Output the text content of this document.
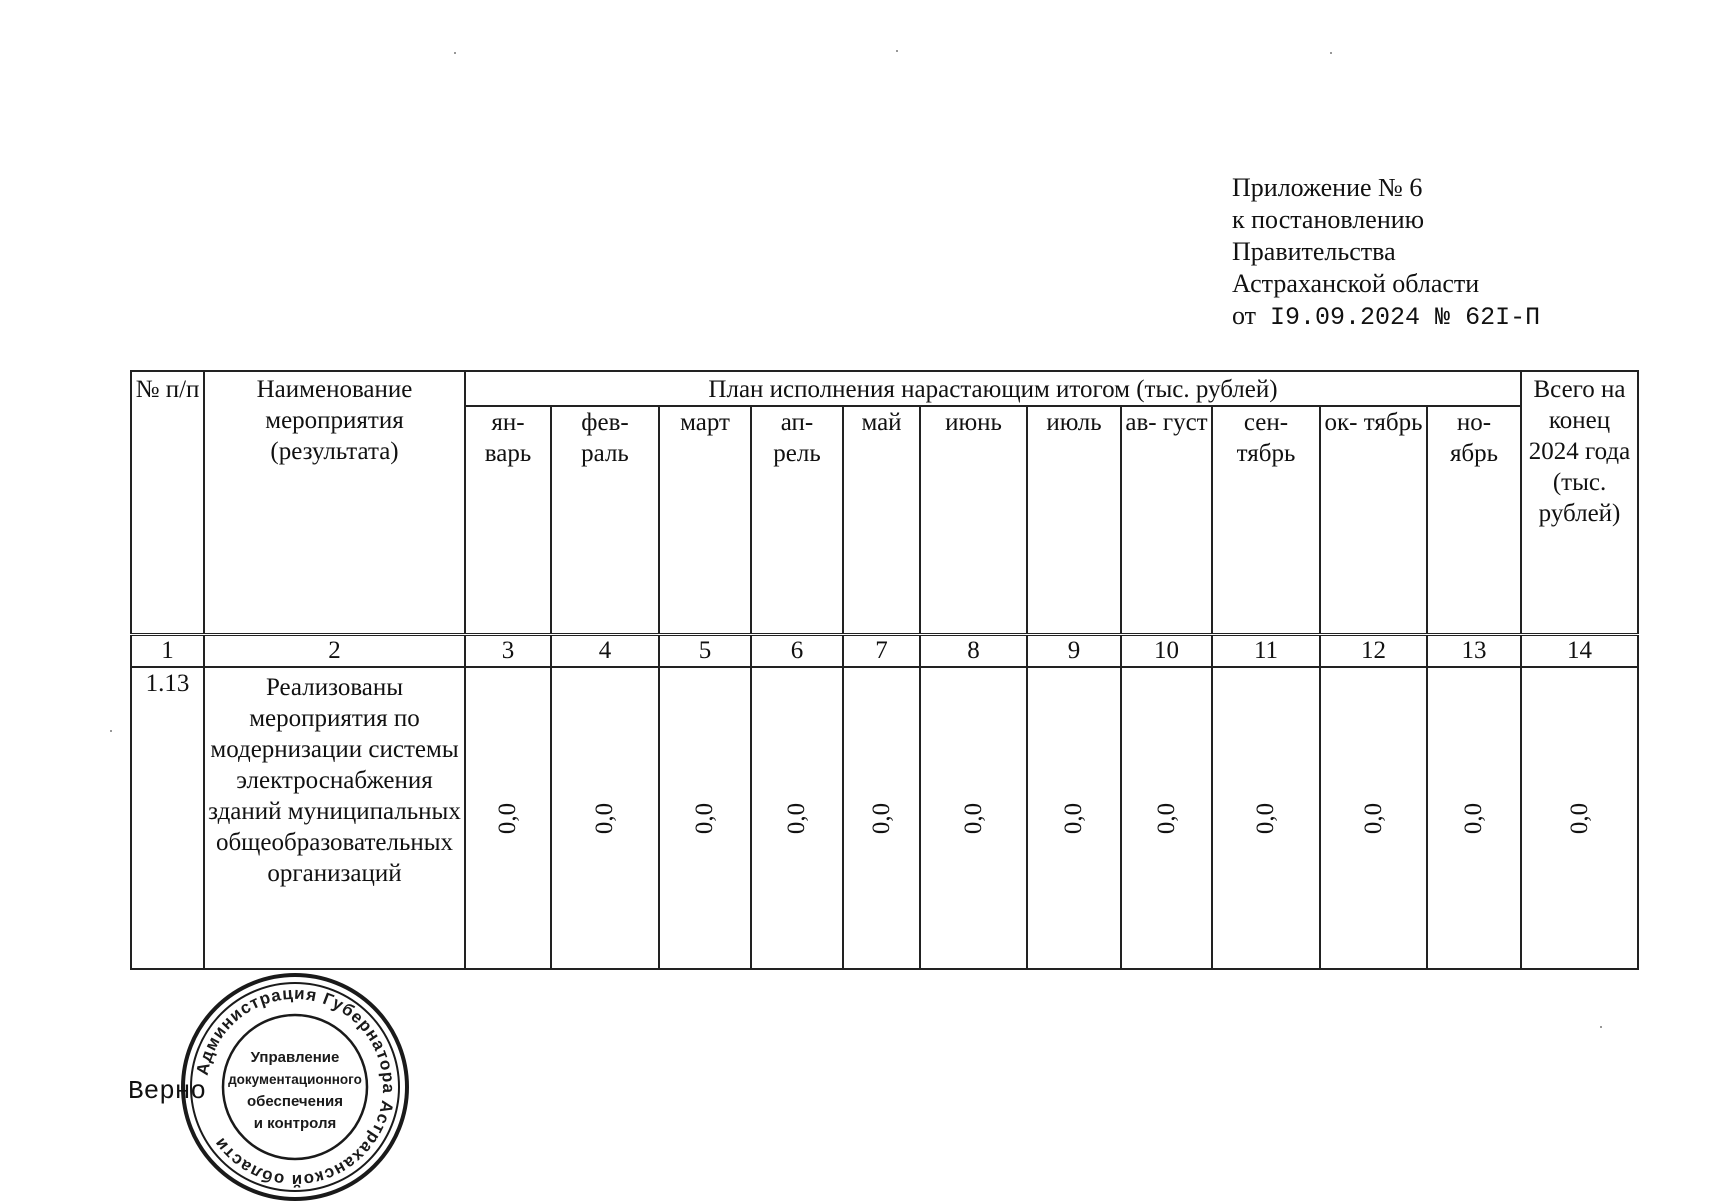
Приложение № 6
к постановлению
Правительства
Астраханской области
от I9.09.2024 № 62I-П
№ п/п	Наименование мероприятия (результата)	План исполнения нарастающим итогом (тыс. рублей)											Всего на конец 2024 года (тыс. рублей)
		ян- варь	фев- раль	март	ап- рель	май	июнь	июль	ав- густ	сен- тябрь	ок- тябрь	но- ябрь	
1	2	3	4	5	6	7	8	9	10	11	12	13	14
1.13	Реализованы мероприятия по модернизации системы электроснабжения зданий муниципальных общеобразовательных организаций	0,0	0,0	0,0	0,0	0,0	0,0	0,0	0,0	0,0	0,0	0,0	0,0
Администрация Губернатора Астраханской области
Управление
документационного
обеспечения
и контроля
Верно
